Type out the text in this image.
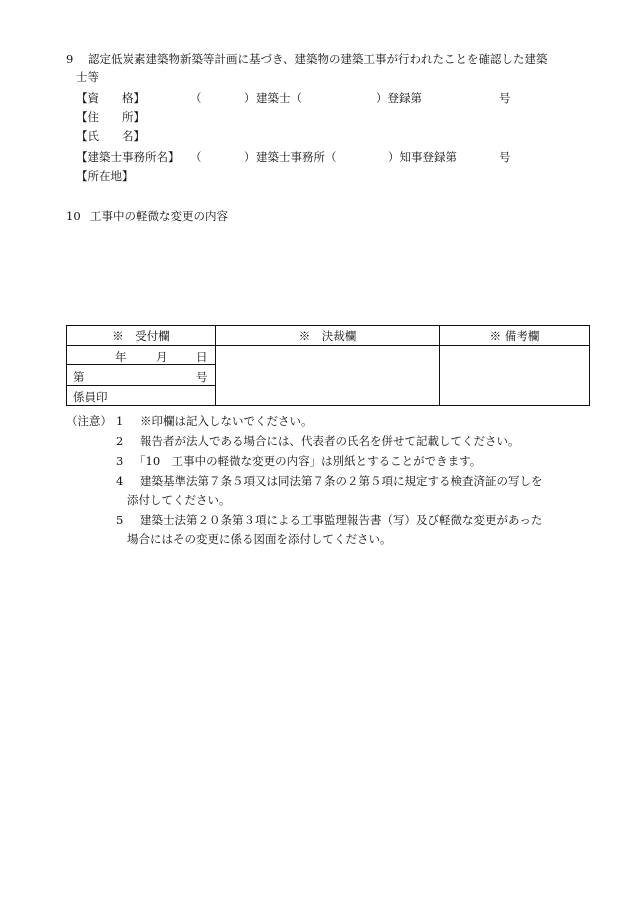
9 認定低炭素建築物新築等計画に基づき、建築物の建築工事が行われたことを確認した建築
士等
【資　　格】	（	） 建築士（	）登録第	号
【住　　所】
【氏　　名】
【建築士事務所名】 （	） 建築士事務所（	）知事登録第	号
【所在地】
10 工事中の軽微な変更の内容
※　受付欄	※　決裁欄	※ 備考欄

年 月 日		

第 号		

係員印		
（注意） 1 ※印欄は記入しないでください。
2 報告者が法人である場合には、代表者の氏名を併せて記載してください。
3 「10　工事中の軽微な変更の内容」は別紙とすることができます。
4 建築基準法第７条５項又は同法第７条の２第５項に規定する検査済証の写しを
添付してください。
5 建築士法第２０条第３項による工事監理報告書（写）及び軽微な変更があった
場合にはその変更に係る図面を添付してください。
